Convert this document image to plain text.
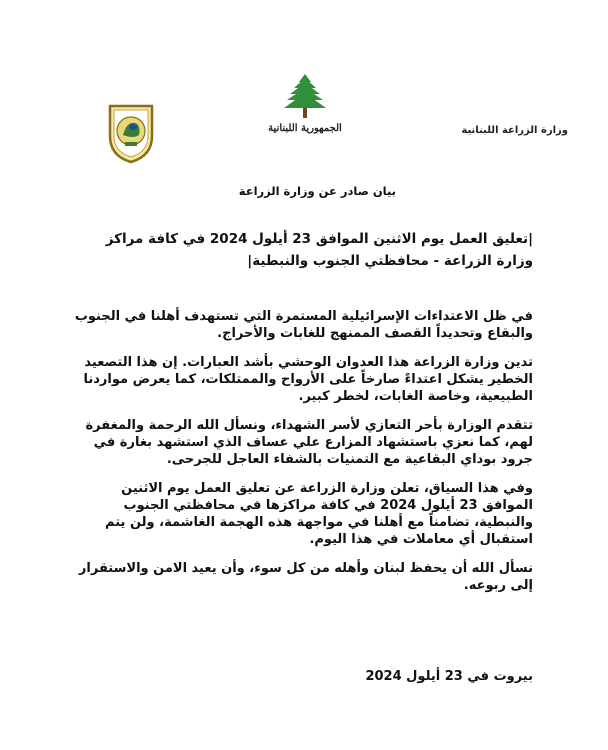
وزارة الزراعة اللبنانية
الجمهورية اللبنانية
بيان صادر عن وزارة الزراعة
|تعليق العمل يوم الاثنين الموافق 23 أيلول 2024 في كافة مراكز وزارة الزراعة - محافظتي الجنوب والنبطية|

في ظل الاعتداءات الإسرائيلية المستمرة التي تستهدف أهلنا في الجنوب والبقاع وتحديداً القصف الممنهج للغابات والأحراج.

تدين وزارة الزراعة هذا العدوان الوحشي بأشد العبارات. إن هذا التصعيد الخطير يشكل اعتداءً صارخاً على الأرواح والممتلكات، كما يعرض مواردنا الطبيعية، وخاصة الغابات، لخطر كبير.

تتقدم الوزارة بأحر التعازي لأسر الشهداء، ونسأل الله الرحمة والمغفرة لهم، كما نعزي باستشهاد المزارع علي عساف الذي استشهد بغارة في جرود بوداي البقاعية مع التمنيات بالشفاء العاجل للجرحى.

وفي هذا السياق، تعلن وزارة الزراعة عن تعليق العمل يوم الاثنين الموافق 23 أيلول 2024 في كافة مراكزها في محافظتي الجنوب والنبطية، تضامناً مع أهلنا في مواجهة هذه الهجمة الغاشمة، ولن يتم استقبال أي معاملات في هذا اليوم.

نسأل الله أن يحفظ لبنان وأهله من كل سوء، وأن يعيد الامن والاستقرار إلى ربوعه.

بيروت في 23 أيلول 2024
